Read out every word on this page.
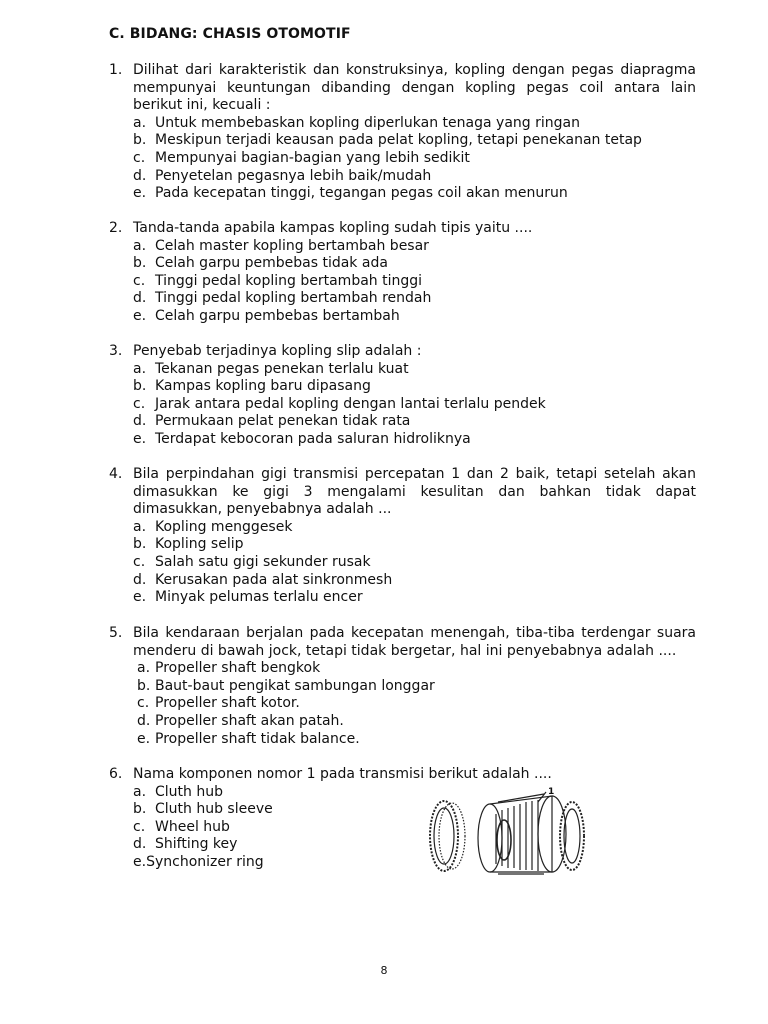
C. BIDANG: CHASIS OTOMOTIF
1. Dilihat dari karakteristik dan konstruksinya, kopling dengan pegas diapragma mempunyai keuntungan dibanding dengan kopling pegas coil antara lain berikut ini, kecuali :
a. Untuk membebaskan kopling diperlukan tenaga yang ringan
b. Meskipun terjadi keausan pada pelat kopling, tetapi penekanan tetap
c. Mempunyai bagian-bagian yang lebih sedikit
d. Penyetelan pegasnya lebih baik/mudah
e. Pada kecepatan tinggi, tegangan pegas coil akan menurun
2. Tanda-tanda apabila kampas kopling sudah tipis yaitu ....
a. Celah master kopling bertambah besar
b. Celah garpu pembebas tidak ada
c. Tinggi pedal kopling bertambah tinggi
d. Tinggi pedal kopling bertambah rendah
e. Celah garpu pembebas bertambah
3. Penyebab terjadinya kopling slip adalah :
a. Tekanan pegas penekan terlalu kuat
b. Kampas kopling baru dipasang
c. Jarak antara pedal kopling dengan lantai terlalu pendek
d. Permukaan pelat penekan tidak rata
e. Terdapat kebocoran pada saluran hidroliknya
4. Bila perpindahan gigi transmisi percepatan 1 dan 2 baik, tetapi setelah akan dimasukkan ke gigi 3 mengalami kesulitan dan bahkan tidak dapat dimasukkan, penyebabnya adalah ...
a. Kopling menggesek
b. Kopling selip
c. Salah satu gigi sekunder rusak
d. Kerusakan pada alat sinkronmesh
e. Minyak pelumas terlalu encer
5. Bila kendaraan berjalan pada kecepatan menengah, tiba-tiba terdengar suara menderu di bawah jock, tetapi tidak bergetar, hal ini penyebabnya adalah ....
a. Propeller shaft bengkok
b. Baut-baut pengikat sambungan longgar
c. Propeller shaft kotor.
d. Propeller shaft akan patah.
e. Propeller shaft tidak balance.
6. Nama komponen nomor 1 pada transmisi berikut adalah ....
a. Cluth hub
b. Cluth hub sleeve
c. Wheel hub
d. Shifting key
e. Synchonizer ring
1
8
